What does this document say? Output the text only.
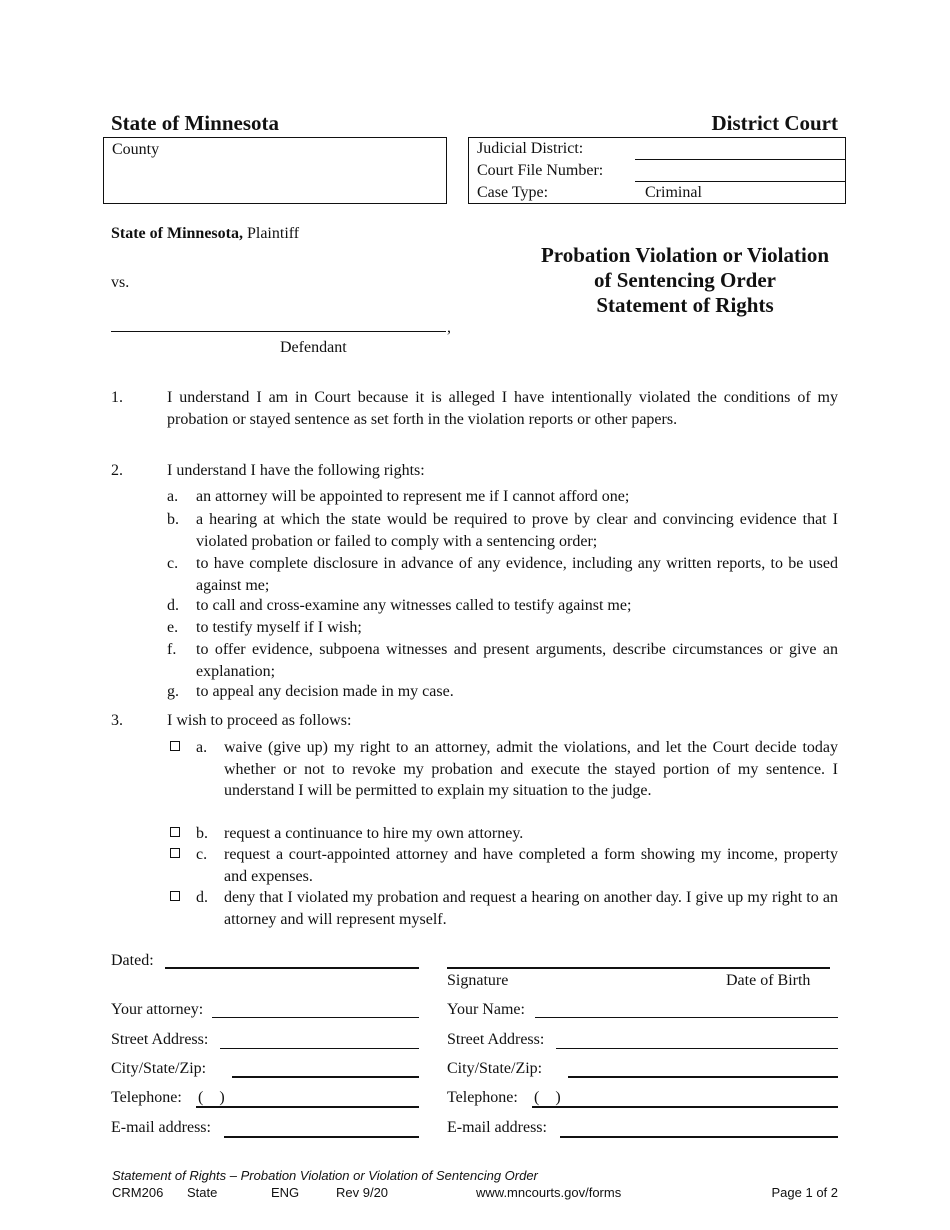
State of Minnesota	District Court
County	Judicial District:
Court File Number:
Case Type:	Criminal
State of Minnesota, Plaintiff
vs.
,
Defendant
Probation Violation or Violation
of Sentencing Order
Statement of Rights
1.	I understand I am in Court because it is alleged I have intentionally violated the conditions of my probation or stayed sentence as set forth in the violation reports or other papers.
2.	I understand I have the following rights:
a. an attorney will be appointed to represent me if I cannot afford one;
b. a hearing at which the state would be required to prove by clear and convincing evidence that I violated probation or failed to comply with a sentencing order;
c. to have complete disclosure in advance of any evidence, including any written reports, to be used against me;
d. to call and cross-examine any witnesses called to testify against me;
e. to testify myself if I wish;
f. to offer evidence, subpoena witnesses and present arguments, describe circumstances or give an explanation;
g. to appeal any decision made in my case.
3.	I wish to proceed as follows:
a. waive (give up) my right to an attorney, admit the violations, and let the Court decide today whether or not to revoke my probation and execute the stayed portion of my sentence. I understand I will be permitted to explain my situation to the judge.
b. request a continuance to hire my own attorney.
c. request a court-appointed attorney and have completed a form showing my income, property and expenses.
d. deny that I violated my probation and request a hearing on another day. I give up my right to an attorney and will represent myself.
Dated:
Your attorney:
Street Address:
City/State/Zip:
Telephone: (    )
E-mail address:
Signature	Date of Birth
Your Name:
Street Address:
City/State/Zip:
Telephone: (    )
E-mail address:
Statement of Rights – Probation Violation or Violation of Sentencing Order
CRM206 State	ENG	Rev 9/20	www.mncourts.gov/forms	Page 1 of 2
